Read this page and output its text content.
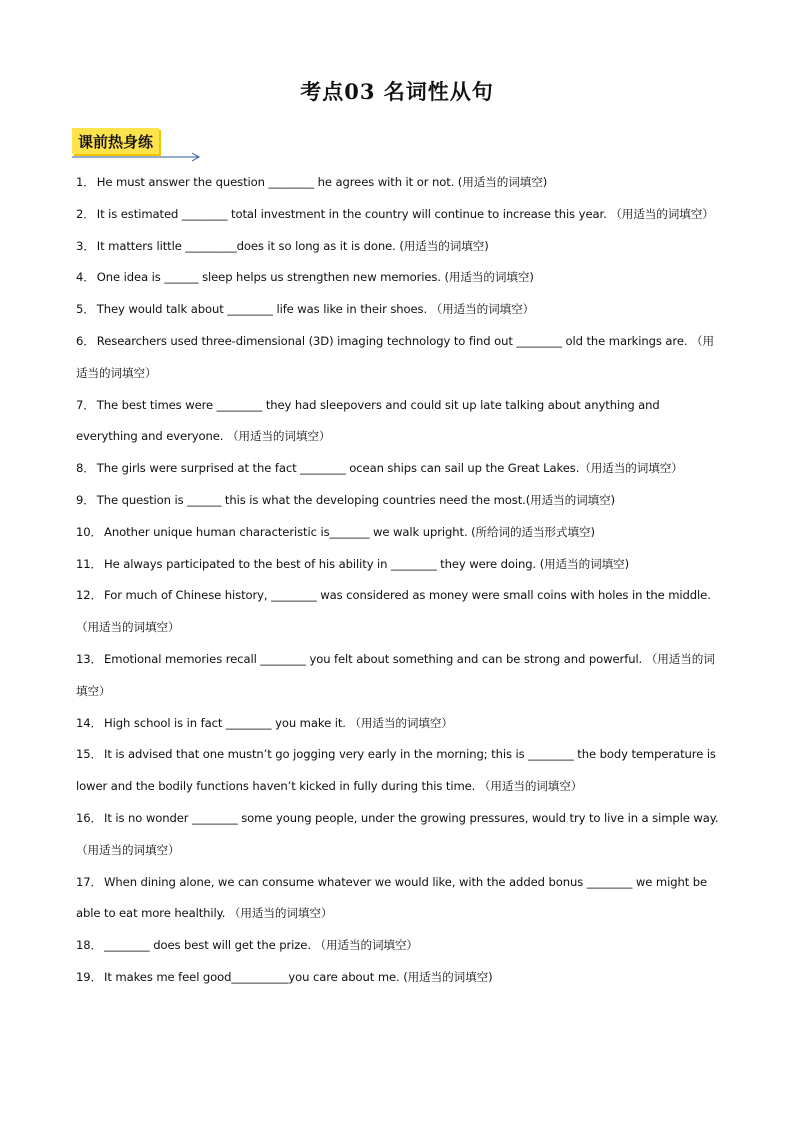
考点03 名词性从句
课前热身练

1． He must answer the question ________ he agrees with it or not. (用适当的词填空)

2． It is estimated ________ total investment in the country will continue to increase this year. （用适当的词填空）

3． It matters little _________does it so long as it is done. (用适当的词填空)

4． One idea is ______ sleep helps us strengthen new memories. (用适当的词填空)

5． They would talk about ________ life was like in their shoes. （用适当的词填空）

6． Researchers used three-dimensional (3D) imaging technology to find out ________ old the markings are. （用适当的词填空）

7． The best times were ________ they had sleepovers and could sit up late talking about anything and everything and everyone. （用适当的词填空）

8． The girls were surprised at the fact ________ ocean ships can sail up the Great Lakes.（用适当的词填空）

9． The question is ______ this is what the developing countries need the most.(用适当的词填空)

10． Another unique human characteristic is_______ we walk upright. (所给词的适当形式填空)

11． He always participated to the best of his ability in ________ they were doing. (用适当的词填空)

12． For much of Chinese history, ________ was considered as money were small coins with holes in the middle. （用适当的词填空）

13． Emotional memories recall ________ you felt about something and can be strong and powerful. （用适当的词填空）

14． High school is in fact ________ you make it. （用适当的词填空）

15． It is advised that one mustn’t go jogging very early in the morning; this is ________ the body temperature is lower and the bodily functions haven’t kicked in fully during this time. （用适当的词填空）

16． It is no wonder ________ some young people, under the growing pressures, would try to live in a simple way. （用适当的词填空）

17． When dining alone, we can consume whatever we would like, with the added bonus ________ we might be able to eat more healthily. （用适当的词填空）

18． ________ does best will get the prize. （用适当的词填空）

19． It makes me feel good__________you care about me. (用适当的词填空)
